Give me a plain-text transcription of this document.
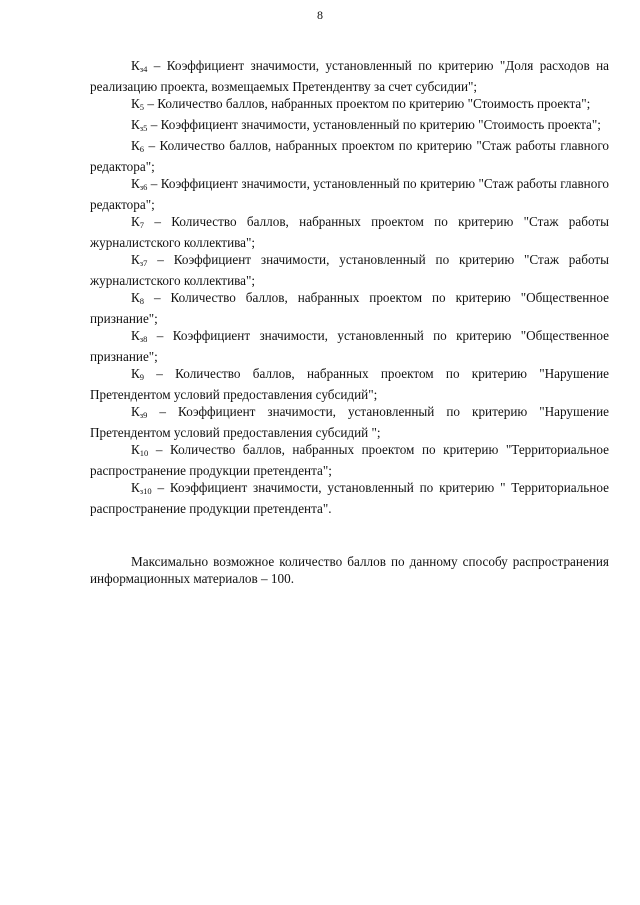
8

$К_{з4}$ – Коэффициент значимости, установленный по критерию "Доля расходов на реализацию проекта, возмещаемых Претендентву за счет субсидии";

$К_5$ – Количество баллов, набранных проектом по критерию "Стоимость проекта";

$К_{з5}$ – Коэффициент значимости, установленный по критерию "Стоимость проекта";

$К_6$ – Количество баллов, набранных проектом по критерию "Стаж работы главного редактора";

$К_{з6}$ – Коэффициент значимости, установленный по критерию "Стаж работы главного редактора";

$К_7$ – Количество баллов, набранных проектом по критерию "Стаж работы журналистского коллектива";

$К_{з7}$ – Коэффициент значимости, установленный по критерию "Стаж работы журналистского коллектива";

$К_8$ – Количество баллов, набранных проектом по критерию "Общественное признание";

$К_{з8}$ – Коэффициент значимости, установленный по критерию "Общественное признание";

$К_9$ – Количество баллов, набранных проектом по критерию "Нарушение Претендентом условий предоставления субсидий";

$К_{з9}$ – Коэффициент значимости, установленный по критерию "Нарушение Претендентом условий предоставления субсидий ";

$К_{10}$ – Количество баллов, набранных проектом по критерию "Территориальное распространение продукции претендента";

$К_{з10}$ – Коэффициент значимости, установленный по критерию " Территориальное распространение продукции претендента".

Максимально возможное количество баллов по данному способу распространения информационных материалов – 100.
